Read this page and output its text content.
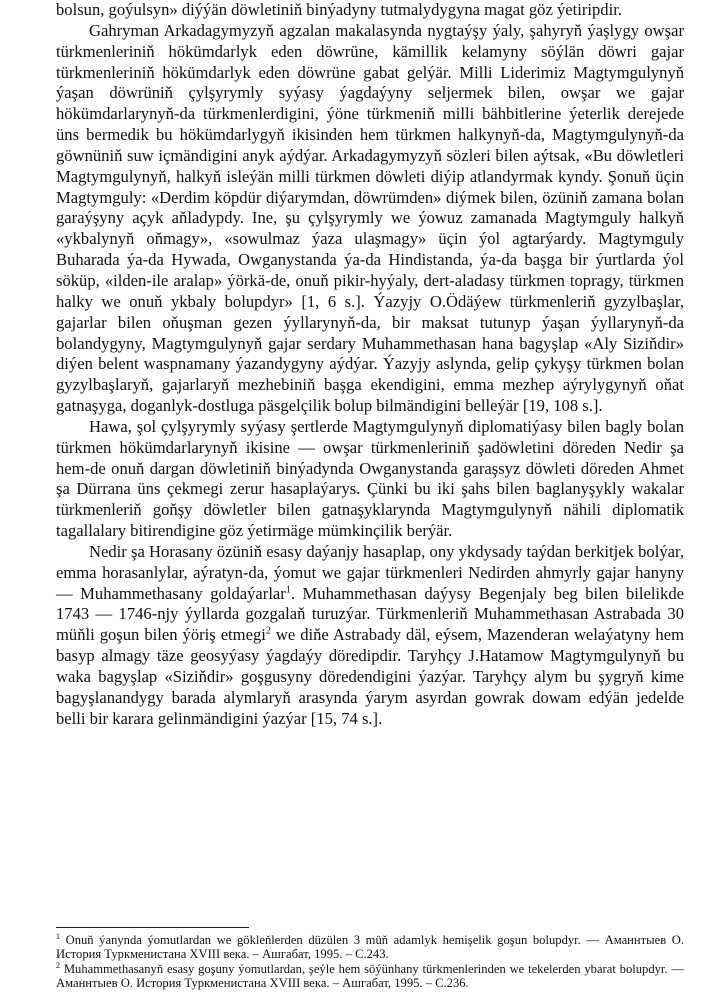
bolsun, goýulsyn» diýýän döwletiniň binýadyny tutmalydygyna magat göz ýetiripdir.

Gahryman Arkadagymyzyň agzalan makalasynda nygtaýşy ýaly, şahyryň ýaşlygy owşar türkmenleriniň hökümdarlyk eden döwrüne, kämillik kelamyny söýlän döwri gajar türkmenleriniň hökümdarlyk eden döwrüne gabat gelýär. Milli Liderimiz Magtymgulynyň ýaşan döwrüniň çylşyrymly syýasy ýagdaýyny seljermek bilen, owşar we gajar hökümdarlarynyň-da türkmenlerdigini, ýöne türkmeniň milli bähbitlerine ýeterlik derejede üns bermedik bu hökümdarlygyň ikisinden hem türkmen halkynyň-da, Magtymgulynyň-da göwnüniň suw içmändigini anyk aýdýar. Arkadagymyzyň sözleri bilen aýtsak, «Bu döwletleri Magtymgulynyň, halkyň isleýän milli türkmen döwleti diýip atlandyrmak kyndy. Şonuň üçin Magtymguly: «Derdim köpdür diýarymdan, döwrümden» diýmek bilen, özüniň zamana bolan garaýşyny açyk aňladypdy. Ine, şu çylşyrymly we ýowuz zamanada Magtymguly halkyň «ykbalynyň oňmagy», «sowulmaz ýaza ulaşmagy» üçin ýol agtarýardy. Magtymguly Buharada ýa-da Hywada, Owganystanda ýa-da Hindistanda, ýa-da başga bir ýurtlarda ýol söküp, «ilden-ile aralap» ýörkä-de, onuň pikir-hyýaly, dert-aladasy türkmen topragy, türkmen halky we onuň ykbaly bolupdyr» [1, 6 s.]. Ýazyjy O.Ödäýew türkmenleriň gyzylbaşlar, gajarlar bilen oňuşman gezen ýyllarynyň-da, bir maksat tutunyp ýaşan ýyllarynyň-da bolandygyny, Magtymgulynyň gajar serdary Muhammethasan hana bagyşlap «Aly Siziňdir» diýen belent waspnamany ýazandygyny aýdýar. Ýazyjy aslynda, gelip çykyşy türkmen bolan gyzylbaşlaryň, gajarlaryň mezhebiniň başga ekendigini, emma mezhep aýrylygynyň oňat gatnaşyga, doganlyk-dostluga päsgelçilik bolup bilmändigini belleýär [19, 108 s.].

Hawa, şol çylşyrymly syýasy şertlerde Magtymgulynyň diplomatiýasy bilen bagly bolan türkmen hökümdarlarynyň ikisine — owşar türkmenleriniň şadöwletini döreden Nedir şa hem-de onuň dargan döwletiniň binýadynda Owganystanda garaşsyz döwleti döreden Ahmet şa Dürrana üns çekmegi zerur hasaplaýarys. Çünki bu iki şahs bilen baglanyşykly wakalar türkmenleriň goňşy döwletler bilen gatnaşyklarynda Magtymgulynyň nähili diplomatik tagallalary bitirendigine göz ýetirmäge mümkinçilik berýär.

Nedir şa Horasany özüniň esasy daýanjy hasaplap, ony ykdysady taýdan berkitjek bolýar, emma horasanlylar, aýratyn-da, ýomut we gajar türkmenleri Nedirden ahmyrly gajar hanyny — Muhammethasany goldaýarlar$^1$. Muhammethasan daýysy Begenjaly beg bilen bilelikde 1743 — 1746-njy ýyllarda gozgalaň turuzýar. Türkmenleriň Muhammethasan Astrabada 30 müňli goşun bilen ýöriş etmegi$^2$ we diňe Astrabady däl, eýsem, Mazenderan welaýatyny hem basyp almagy täze geosyýasy ýagdaýy döredipdir. Taryhçy J.Hatamow Magtymgulynyň bu waka bagyşlap «Siziňdir» goşgusyny döredendigini ýazýar. Taryhçy alym bu şygryň kime bagyşlanandygy barada alymlaryň arasynda ýarym asyrdan gowrak dowam edýän jedelde belli bir karara gelinmändigini ýazýar [15, 74 s.].

$^1$ Onuň ýanynda ýomutlardan we göklеňlerden düzülen 3 müň adamlyk hemişelik goşun bolupdyr. — Аманнтыев О. История Туркменистана XVIII века. – Ашгабат, 1995. – С.243.

$^2$ Muhammethasanyň esasy goşuny ýomutlardan, şeýle hem söýünhany türkmenlerinden we tekelerden ybarat bolupdyr. — Аманнтыев О. История Туркменистана XVIII века. – Ашгабат, 1995. – С.236.
